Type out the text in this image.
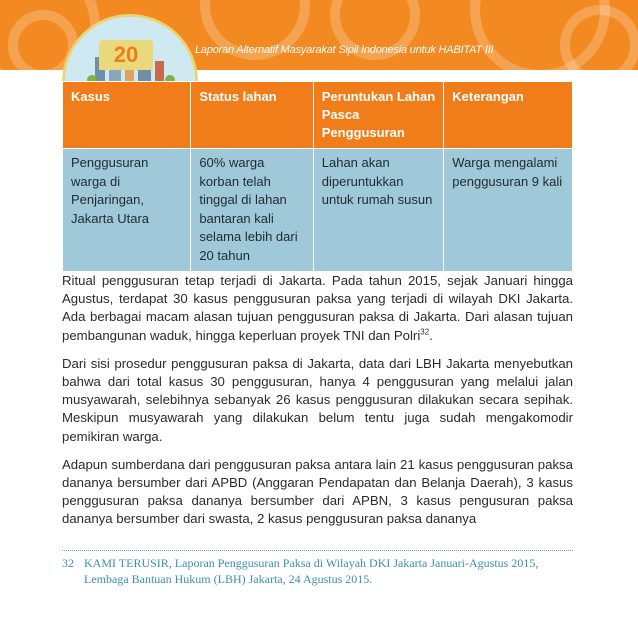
20	Laporan Alternatif Masyarakat Sipil Indonesia untuk HABITAT III
Kasus	Status lahan	Peruntukan Lahan Pasca Penggusuran	Keterangan
Penggusuran warga di Penjaringan, Jakarta Utara	60% warga korban telah tinggal di lahan bantaran kali selama lebih dari 20 tahun	Lahan akan diperuntukkan untuk rumah susun	Warga mengalami penggusuran 9 kali

Ritual penggusuran tetap terjadi di Jakarta. Pada tahun 2015, sejak Januari hingga Agustus, terdapat 30 kasus penggusuran paksa yang terjadi di wilayah DKI Jakarta. Ada berbagai macam alasan tujuan penggusuran paksa di Jakarta. Dari alasan tujuan pembangunan waduk, hingga keperluan proyek TNI dan Polri$^{32}$.

Dari sisi prosedur penggusuran paksa di Jakarta, data dari LBH Jakarta menyebutkan bahwa dari total kasus 30 penggusuran, hanya 4 penggusuran yang melalui jalan musyawarah, selebihnya sebanyak 26 kasus penggusuran dilakukan secara sepihak. Meskipun musyawarah yang dilakukan belum tentu juga sudah mengakomodir pemikiran warga.

Adapun sumberdana dari penggusuran paksa antara lain 21 kasus penggusuran paksa dananya bersumber dari APBD (Anggaran Pendapatan dan Belanja Daerah), 3 kasus penggusuran paksa dananya bersumber dari APBN, 3 kasus pengusuran paksa dananya bersumber dari swasta, 2 kasus penggusuran paksa dananya

32 KAMI TERUSIR, Laporan Penggusuran Paksa di Wilayah DKI Jakarta Januari-Agustus 2015, Lembaga Bantuan Hukum (LBH) Jakarta, 24 Agustus 2015.
